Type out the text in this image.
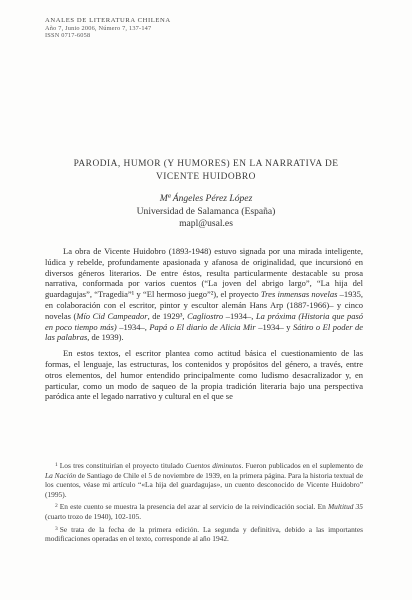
ANALES DE LITERATURA CHILENA
Año 7, Junio 2006, Número 7, 137-147
ISSN 0717-6058
PARODIA, HUMOR (Y HUMORES) EN LA NARRATIVA DE
VICENTE HUIDOBRO
Mª Ángeles Pérez López
Universidad de Salamanca (España)
mapl@usal.es

La obra de Vicente Huidobro (1893-1948) estuvo signada por una mirada inteligente, lúdica y rebelde, profundamente apasionada y afanosa de originalidad, que incursionó en diversos géneros literarios. De entre éstos, resulta particularmente destacable su prosa narrativa, conformada por varios cuentos (“La joven del abrigo largo”, “La hija del guardagujas”, “Tragedia”¹ y “El hermoso juego”²), el proyecto Tres inmensas novelas –1935, en colaboración con el escritor, pintor y escultor alemán Hans Arp (1887-1966)– y cinco novelas (Mío Cid Campeador, de 1929³, Cagliostro –1934–, La próxima (Historia que pasó en poco tiempo más) –1934–, Papá o El diario de Alicia Mir –1934– y Sátiro o El poder de las palabras, de 1939).

En estos textos, el escritor plantea como actitud básica el cuestionamiento de las formas, el lenguaje, las estructuras, los contenidos y propósitos del género, a través, entre otros elementos, del humor entendido principalmente como ludismo desacralizador y, en particular, como un modo de saqueo de la propia tradición literaria bajo una perspectiva paródica ante el legado narrativo y cultural en el que se

$^1$ Los tres constituirían el proyecto titulado Cuentos diminutos. Fueron publicados en el suplemento de La Nación de Santiago de Chile el 5 de noviembre de 1939, en la primera página. Para la historia textual de los cuentos, véase mi artículo “«La hija del guardagujas», un cuento desconocido de Vicente Huidobro” (1995).

$^2$ En este cuento se muestra la presencia del azar al servicio de la reivindicación social. En Multitud 35 (cuarto trozo de 1940), 102-105.

$^3$ Se trata de la fecha de la primera edición. La segunda y definitiva, debido a las importantes modificaciones operadas en el texto, corresponde al año 1942.
